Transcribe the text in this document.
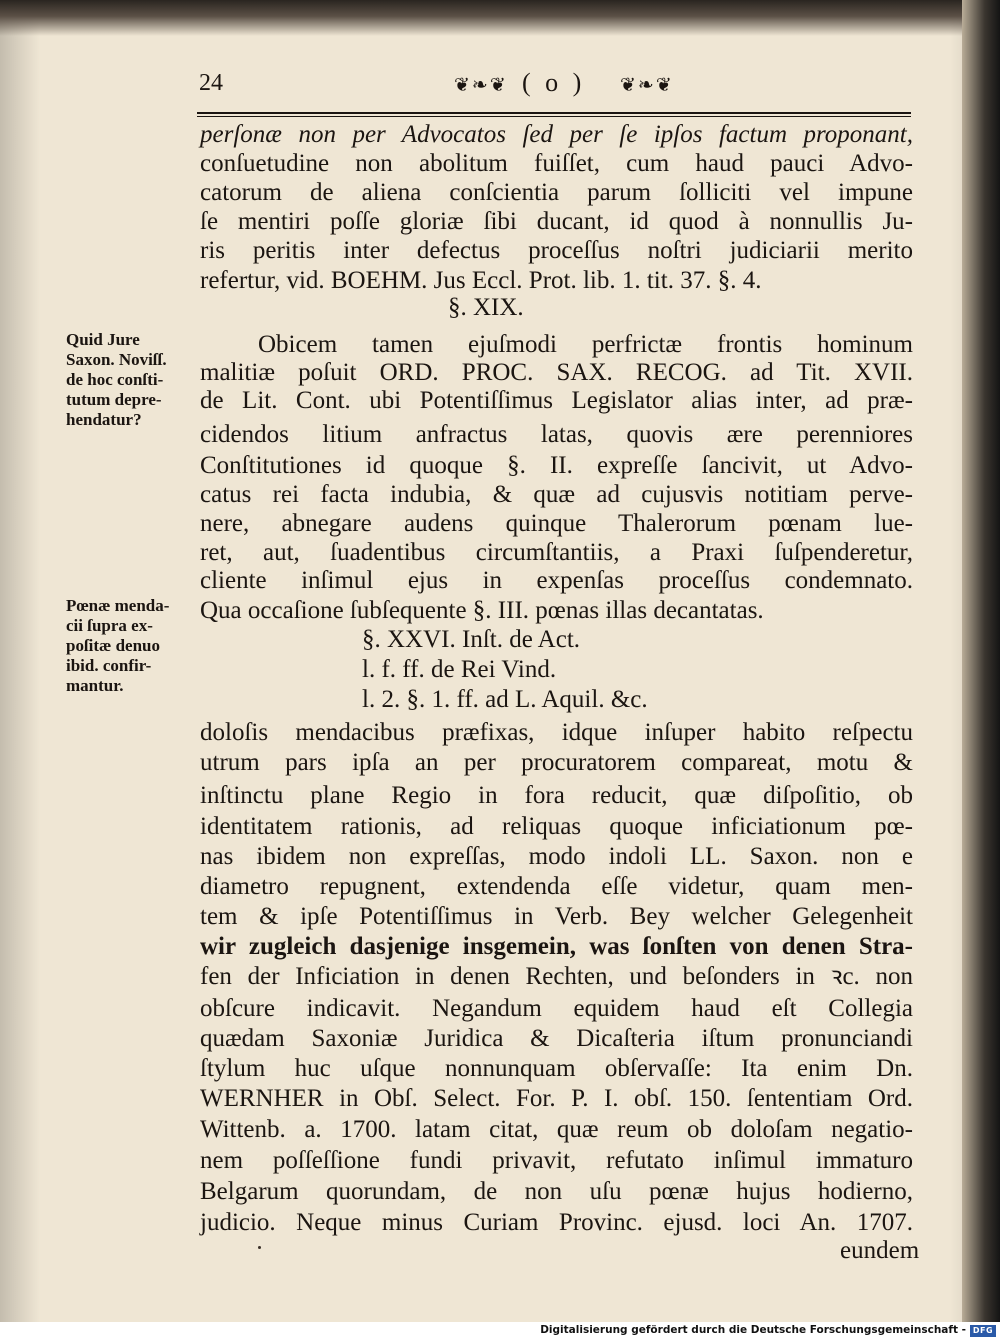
24	❦❧❦ ( o ) ❦❧❦
perſonæ non per Advocatos ſed per ſe ipſos factum proponant,
conſuetudine non abolitum fuiſſet, cum haud pauci Advo-
catorum de aliena conſcientia parum ſolliciti vel impune
ſe mentiri poſſe gloriæ ſibi ducant, id quod à nonnullis Ju-
ris peritis inter defectus proceſſus noſtri judiciarii merito
refertur, vid. BOEHM. Jus Eccl. Prot. lib. 1. tit. 37. §. 4.
§. XIX.
Obicem tamen ejuſmodi perfrictæ frontis hominum
malitiæ poſuit ORD. PROC. SAX. RECOG. ad Tit. XVII.
de Lit. Cont. ubi Potentiſſimus Legislator alias inter, ad præ-
cidendos litium anfractus latas, quovis ære perenniores
Conſtitutiones id quoque §. II. expreſſe ſancivit, ut Advo-
catus rei facta indubia, & quæ ad cujusvis notitiam perve-
nere, abnegare audens quinque Thalerorum pœnam lue-
ret, aut, ſuadentibus circumſtantiis, a Praxi ſuſpenderetur,
cliente inſimul ejus in expenſas proceſſus condemnato.
Qua occaſione ſubſequente §. III. pœnas illas decantatas.
§. XXVI. Inſt. de Act.
l. f. ff. de Rei Vind.
l. 2. §. 1. ff. ad L. Aquil. &c.
doloſis mendacibus præfixas, idque inſuper habito reſpectu
utrum pars ipſa an per procuratorem compareat, motu &
inſtinctu plane Regio in fora reducit, quæ diſpoſitio, ob
identitatem rationis, ad reliquas quoque inficiationum pœ-
nas ibidem non expreſſas, modo indoli LL. Saxon. non e
diametro repugnent, extendenda eſſe videtur, quam men-
tem & ipſe Potentiſſimus in Verb. Bey welcher Gelegenheit
wir zugleich dasjenige insgemein, was ſonſten von denen Stra-
fen der Inficiation in denen Rechten, und beſonders in ꝛc. non
obſcure indicavit. Negandum equidem haud eſt Collegia
quædam Saxoniæ Juridica & Dicaſteria iſtum pronunciandi
ſtylum huc uſque nonnunquam obſervaſſe: Ita enim Dn.
WERNHER in Obſ. Select. For. P. I. obſ. 150. ſententiam Ord.
Wittenb. a. 1700. latam citat, quæ reum ob doloſam negatio-
nem poſſeſſione fundi privavit, refutato inſimul immaturo
Belgarum quorundam, de non uſu pœnæ hujus hodierno,
judicio. Neque minus Curiam Provinc. ejusd. loci An. 1707.
eundem
Quid Jure
Saxon. Noviſſ.
de hoc conſti-
tutum depre-
hendatur?
Pœnæ menda-
cii ſupra ex-
poſitæ denuo
ibid. confir-
mantur.
Digitalisierung gefördert durch die Deutsche Forschungsgemeinschaft - DFG
